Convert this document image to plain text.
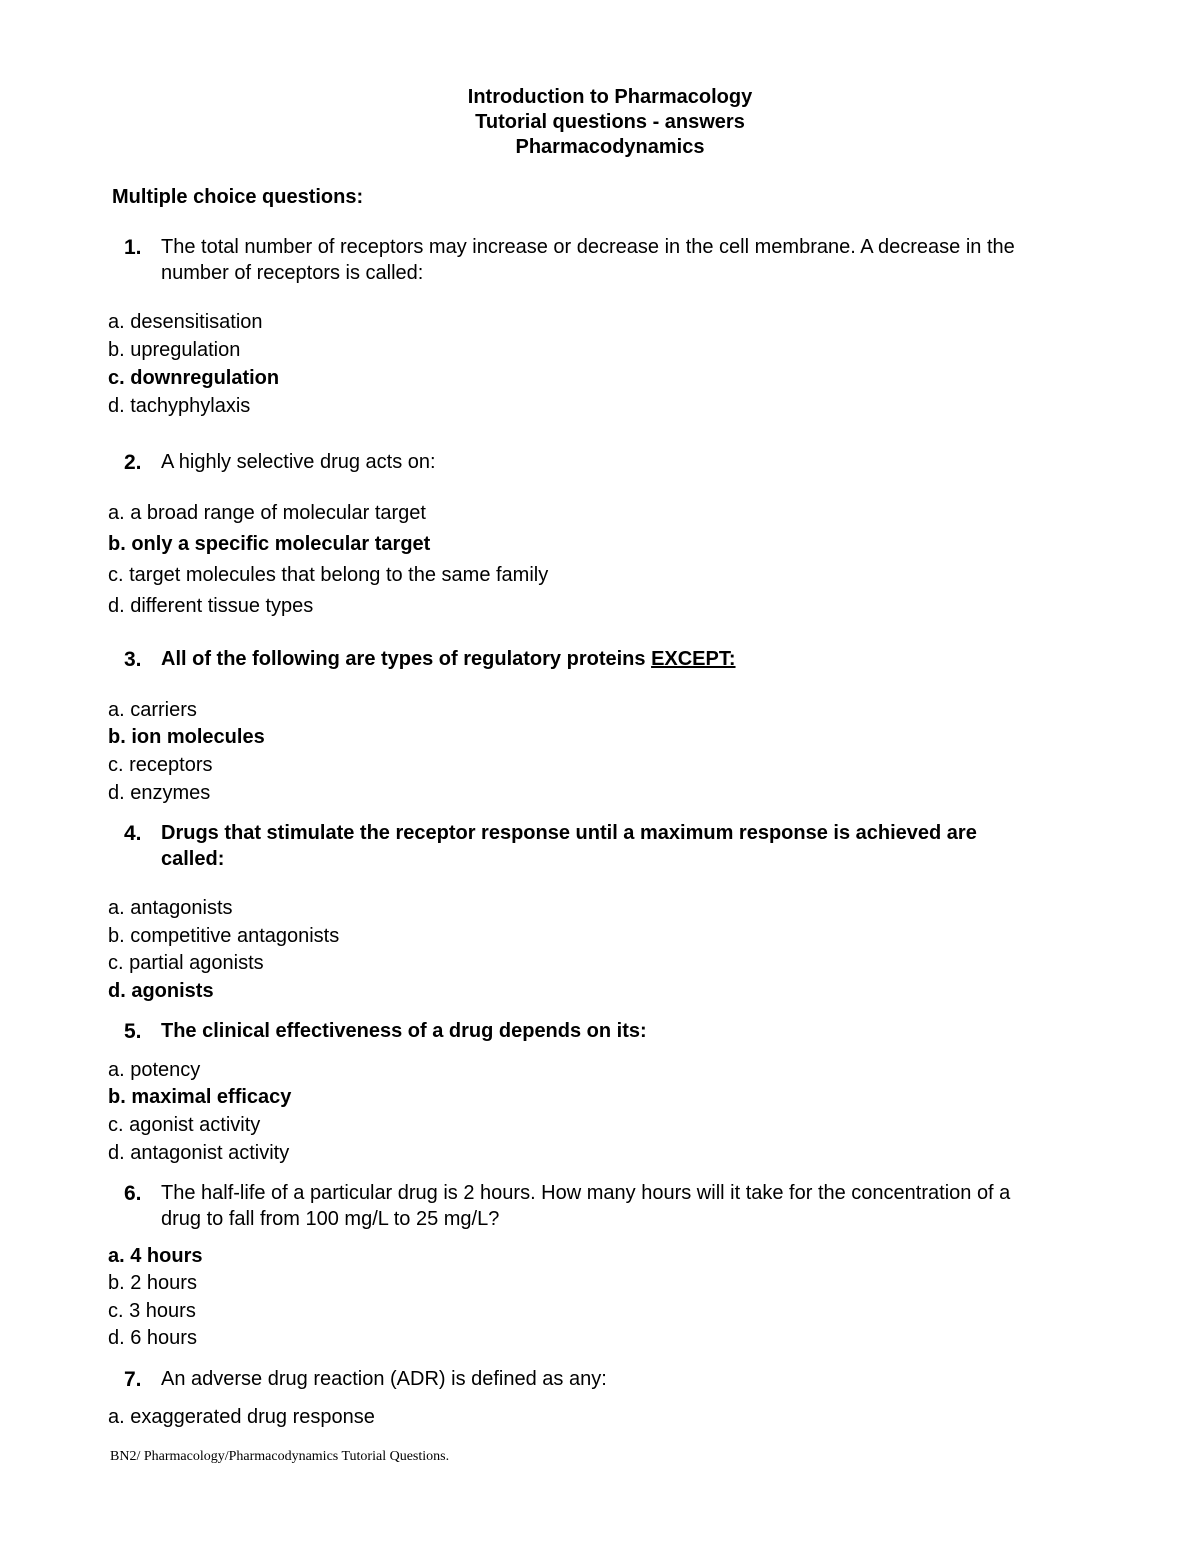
Introduction to Pharmacology
Tutorial questions - answers
Pharmacodynamics
Multiple choice questions:
1. The total number of receptors may increase or decrease in the cell membrane. A decrease in the
number of receptors is called:
a. desensitisation
b. upregulation
c. downregulation
d. tachyphylaxis
2. A highly selective drug acts on:
a. a broad range of molecular target
b. only a specific molecular target
c. target molecules that belong to the same family
d. different tissue types
3. All of the following are types of regulatory proteins EXCEPT:
a. carriers
b. ion molecules
c. receptors
d. enzymes
4. Drugs that stimulate the receptor response until a maximum response is achieved are
called:
a. antagonists
b. competitive antagonists
c. partial agonists
d. agonists
5. The clinical effectiveness of a drug depends on its:
a. potency
b. maximal efficacy
c. agonist activity
d. antagonist activity
6. The half-life of a particular drug is 2 hours. How many hours will it take for the concentration of a
drug to fall from 100 mg/L to 25 mg/L?
a. 4 hours
b. 2 hours
c. 3 hours
d. 6 hours
7. An adverse drug reaction (ADR) is defined as any:
a. exaggerated drug response
BN2/ Pharmacology/Pharmacodynamics Tutorial Questions.
